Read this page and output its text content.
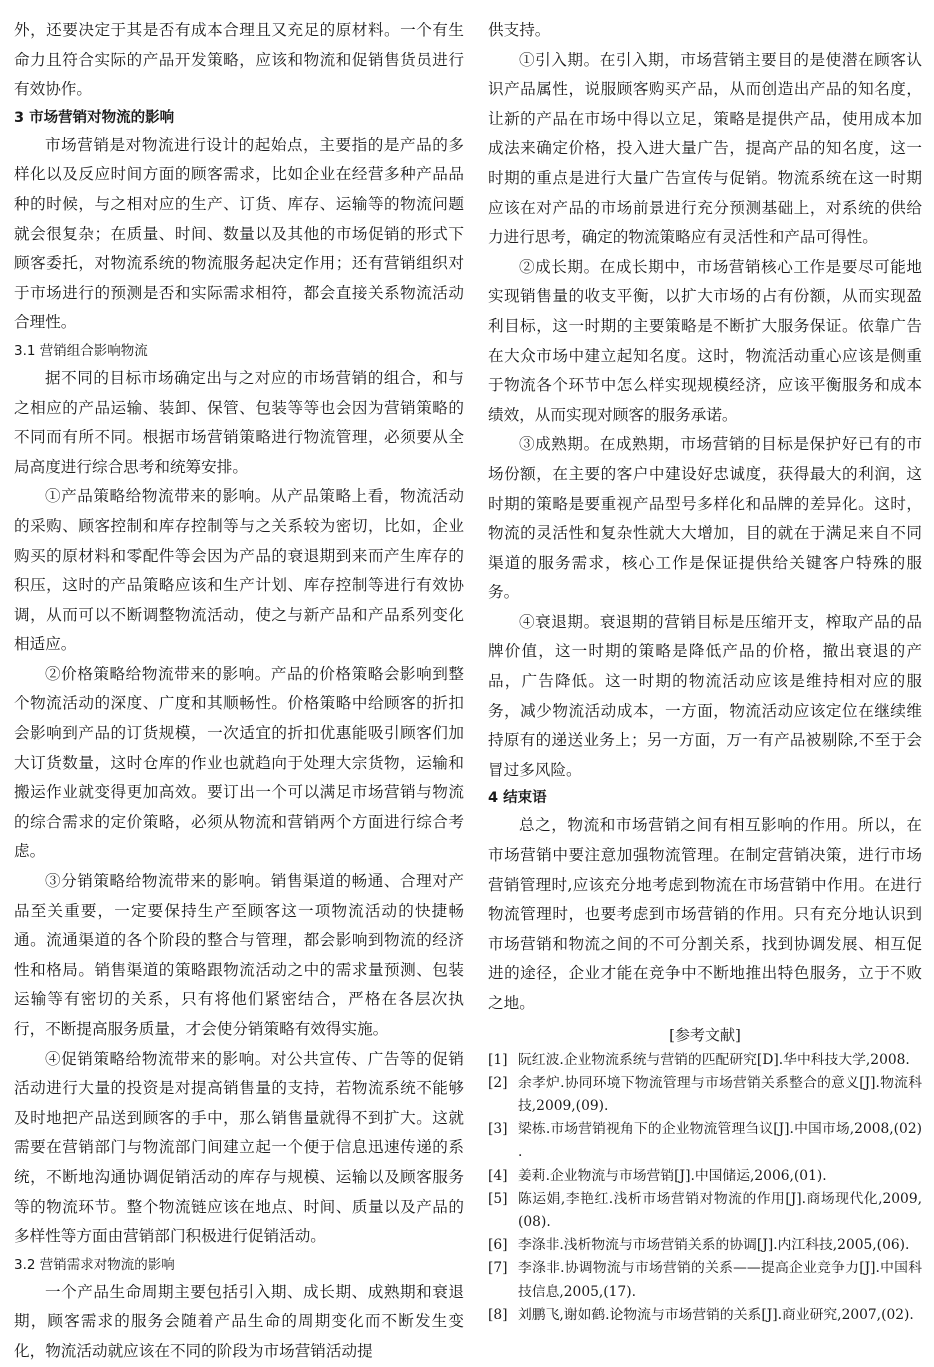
外，还要决定于其是否有成本合理且又充足的原材料。一个有生命力且符合实际的产品开发策略，应该和物流和促销售货员进行有效协作。

3 市场营销对物流的影响

市场营销是对物流进行设计的起始点，主要指的是产品的多样化以及反应时间方面的顾客需求，比如企业在经营多种产品品种的时候，与之相对应的生产、订货、库存、运输等的物流问题就会很复杂；在质量、时间、数量以及其他的市场促销的形式下顾客委托，对物流系统的物流服务起决定作用；还有营销组织对于市场进行的预测是否和实际需求相符，都会直接关系物流活动合理性。

3.1 营销组合影响物流

据不同的目标市场确定出与之对应的市场营销的组合，和与之相应的产品运输、装卸、保管、包装等等也会因为营销策略的不同而有所不同。根据市场营销策略进行物流管理，必须要从全局高度进行综合思考和统筹安排。

①产品策略给物流带来的影响。从产品策略上看，物流活动的采购、顾客控制和库存控制等与之关系较为密切，比如，企业购买的原材料和零配件等会因为产品的衰退期到来而产生库存的积压，这时的产品策略应该和生产计划、库存控制等进行有效协调，从而可以不断调整物流活动，使之与新产品和产品系列变化相适应。

②价格策略给物流带来的影响。产品的价格策略会影响到整个物流活动的深度、广度和其顺畅性。价格策略中给顾客的折扣会影响到产品的订货规模，一次适宜的折扣优惠能吸引顾客们加大订货数量，这时仓库的作业也就趋向于处理大宗货物，运输和搬运作业就变得更加高效。要订出一个可以满足市场营销与物流的综合需求的定价策略，必须从物流和营销两个方面进行综合考虑。

③分销策略给物流带来的影响。销售渠道的畅通、合理对产品至关重要，一定要保持生产至顾客这一项物流活动的快捷畅通。流通渠道的各个阶段的整合与管理，都会影响到物流的经济性和格局。销售渠道的策略跟物流活动之中的需求量预测、包装运输等有密切的关系，只有将他们紧密结合，严格在各层次执行，不断提高服务质量，才会使分销策略有效得实施。

④促销策略给物流带来的影响。对公共宣传、广告等的促销活动进行大量的投资是对提高销售量的支持，若物流系统不能够及时地把产品送到顾客的手中，那么销售量就得不到扩大。这就需要在营销部门与物流部门间建立起一个便于信息迅速传递的系统，不断地沟通协调促销活动的库存与规模、运输以及顾客服务等的物流环节。整个物流链应该在地点、时间、质量以及产品的多样性等方面由营销部门积极进行促销活动。

3.2 营销需求对物流的影响

一个产品生命周期主要包括引入期、成长期、成熟期和衰退期，顾客需求的服务会随着产品生命的周期变化而不断发生变化，物流活动就应该在不同的阶段为市场营销活动提

供支持。

①引入期。在引入期，市场营销主要目的是使潜在顾客认识产品属性，说服顾客购买产品，从而创造出产品的知名度，让新的产品在市场中得以立足，策略是提供产品，使用成本加成法来确定价格，投入进大量广告，提高产品的知名度，这一时期的重点是进行大量广告宣传与促销。物流系统在这一时期应该在对产品的市场前景进行充分预测基础上，对系统的供给力进行思考，确定的物流策略应有灵活性和产品可得性。

②成长期。在成长期中，市场营销核心工作是要尽可能地实现销售量的收支平衡，以扩大市场的占有份额，从而实现盈利目标，这一时期的主要策略是不断扩大服务保证。依靠广告在大众市场中建立起知名度。这时，物流活动重心应该是侧重于物流各个环节中怎么样实现规模经济，应该平衡服务和成本绩效，从而实现对顾客的服务承诺。

③成熟期。在成熟期，市场营销的目标是保护好已有的市场份额，在主要的客户中建设好忠诚度，获得最大的利润，这时期的策略是要重视产品型号多样化和品牌的差异化。这时，物流的灵活性和复杂性就大大增加，目的就在于满足来自不同渠道的服务需求，核心工作是保证提供给关键客户特殊的服务。

④衰退期。衰退期的营销目标是压缩开支，榨取产品的品牌价值，这一时期的策略是降低产品的价格，撤出衰退的产品，广告降低。这一时期的物流活动应该是维持相对应的服务，减少物流活动成本，一方面，物流活动应该定位在继续维持原有的递送业务上；另一方面，万一有产品被剔除,不至于会冒过多风险。

4 结束语

总之，物流和市场营销之间有相互影响的作用。所以，在市场营销中要注意加强物流管理。在制定营销决策，进行市场营销管理时,应该充分地考虑到物流在市场营销中作用。在进行物流管理时，也要考虑到市场营销的作用。只有充分地认识到市场营销和物流之间的不可分割关系，找到协调发展、相互促进的途径，企业才能在竞争中不断地推出特色服务，立于不败之地。

[参考文献]
[1] 阮红波.企业物流系统与营销的匹配研究[D].华中科技大学,2008.
[2] 余孝炉.协同环境下物流管理与市场营销关系整合的意义[J].物流科技,2009,(09).
[3] 梁栋.市场营销视角下的企业物流管理刍议[J].中国市场,2008,(02) .
[4] 姜莉.企业物流与市场营销[J].中国储运,2006,(01).
[5] 陈运娟,李艳红.浅析市场营销对物流的作用[J].商场现代化,2009,(08).
[6] 李涤非.浅析物流与市场营销关系的协调[J].内江科技,2005,(06).
[7] 李涤非.协调物流与市场营销的关系——提高企业竞争力[J].中国科技信息,2005,(17).
[8] 刘鹏飞,谢如鹤.论物流与市场营销的关系[J].商业研究,2007,(02).
